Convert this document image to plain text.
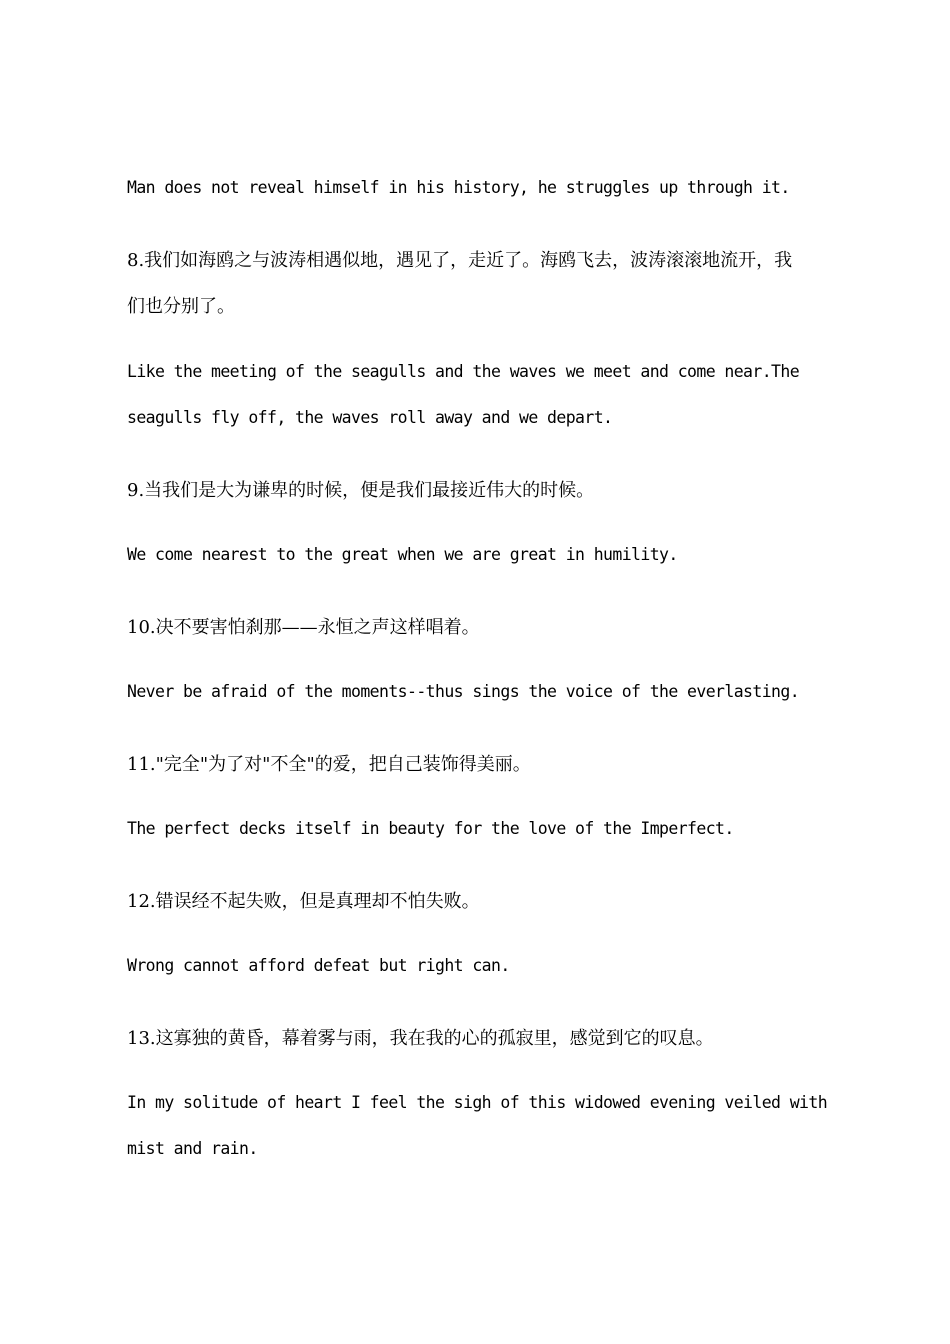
Man does not reveal himself in his history, he struggles up through it.
8.我们如海鸥之与波涛相遇似地，遇见了，走近了。海鸥飞去，波涛滚滚地流开，我
们也分别了。
Like the meeting of the seagulls and the waves we meet and come near.The
seagulls fly off, the waves roll away and we depart.
9.当我们是大为谦卑的时候，便是我们最接近伟大的时候。
We come nearest to the great when we are great in humility.
10.决不要害怕刹那——永恒之声这样唱着。
Never be afraid of the moments--thus sings the voice of the everlasting.
11."完全"为了对"不全"的爱，把自己装饰得美丽。
The perfect decks itself in beauty for the love of the Imperfect.
12.错误经不起失败，但是真理却不怕失败。
Wrong cannot afford defeat but right can.
13.这寡独的黄昏，幕着雾与雨，我在我的心的孤寂里，感觉到它的叹息。
In my solitude of heart I feel the sigh of this widowed evening veiled with
mist and rain.
